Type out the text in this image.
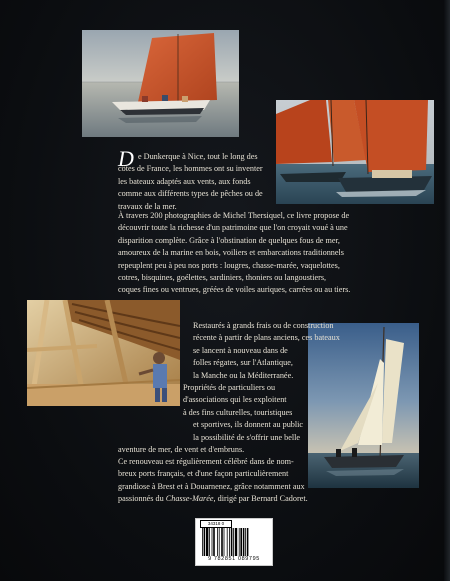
D e Dunkerque à Nice, tout le long des
côtes de France, les hommes ont su inventer
les bateaux adaptés aux vents, aux fonds
comme aux différents types de pêches ou de
travaux de la mer.
À travers 200 photographies de Michel Thersiquel, ce livre propose de
découvrir toute la richesse d'un patrimoine que l'on croyait voué à une
disparition complète. Grâce à l'obstination de quelques fous de mer,
amoureux de la marine en bois, voiliers et embarcations traditionnels
repeuplent peu à peu nos ports : lougres, chasse-marée, vaquelottes,
cotres, bisquines, goélettes, sardiniers, thoniers ou langoustiers,
coques fines ou ventrues, gréées de voiles auriques, carrées ou au tiers.
Restaurés à grands frais ou de construction
récente à partir de plans anciens, ces bateaux
se lancent à nouveau dans de
folles régates, sur l'Atlantique,
la Manche ou la Méditerranée.
Propriétés de particuliers ou
d'associations qui les exploitent
à des fins culturelles, touristiques
et sportives, ils donnent au public
la possibilité de s'offrir une belle
aventure de mer, de vent et d'embruns.
Ce renouveau est régulièrement célébré dans de nom-
breux ports français, et d'une façon particulièrement
grandiose à Brest et à Douarnenez, grâce notamment aux
passionnés du Chasse-Marée, dirigé par Bernard Cadoret.
34318 0
9 782851 089795
